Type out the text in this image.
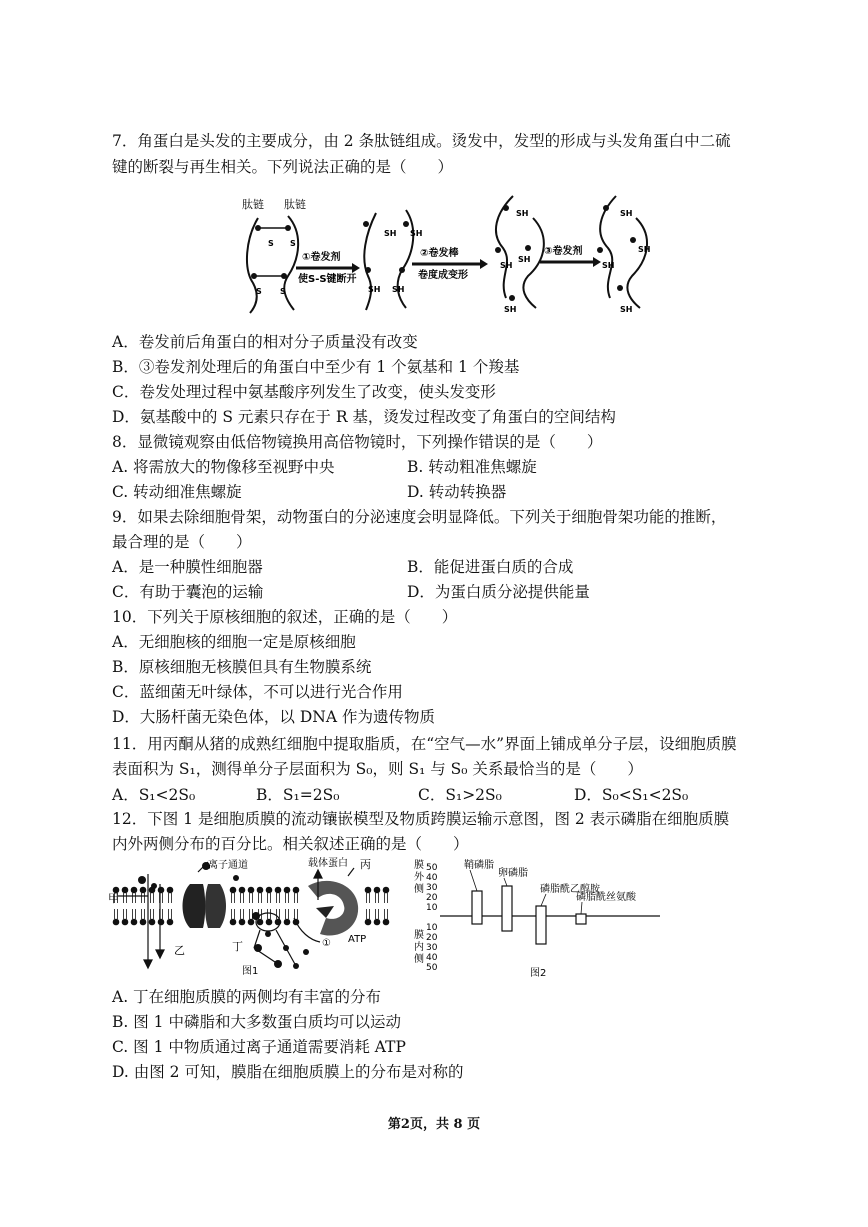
7．角蛋白是头发的主要成分，由 2 条肽链组成。烫发中，发型的形成与头发角蛋白中二硫
键的断裂与再生相关。下列说法正确的是（　　）
肽链 肽链
S S
S S
SH SH
SH SH
SH
SH
SH
SH
SH
SH
SH
SH
①卷发剂
使S-S键断开
②卷发棒
卷度成变形
③卷发剂
A．卷发前后角蛋白的相对分子质量没有改变
B．③卷发剂处理后的角蛋白中至少有 1 个氨基和 1 个羧基
C．卷发处理过程中氨基酸序列发生了改变，使头发变形
D．氨基酸中的 S 元素只存在于 R 基，烫发过程改变了角蛋白的空间结构
8．显微镜观察由低倍物镜换用高倍物镜时，下列操作错误的是（　　）
A. 将需放大的物像移至视野中央	B. 转动粗准焦螺旋
C. 转动细准焦螺旋	D. 转动转换器
9．如果去除细胞骨架，动物蛋白的分泌速度会明显降低。下列关于细胞骨架功能的推断，
最合理的是（　　）
A．是一种膜性细胞器	B．能促进蛋白质的合成
C．有助于囊泡的运输	D．为蛋白质分泌提供能量
10．下列关于原核细胞的叙述，正确的是（　　）
A．无细胞核的细胞一定是原核细胞
B．原核细胞无核膜但具有生物膜系统
C．蓝细菌无叶绿体，不可以进行光合作用
D．大肠杆菌无染色体，以 DNA 作为遗传物质
11．用丙酮从猪的成熟红细胞中提取脂质，在“空气—水”界面上铺成单分子层，设细胞质膜
表面积为 S₁，测得单分子层面积为 S₀，则 S₁ 与 S₀ 关系最恰当的是（　　）
A．S₁<2S₀	B．S₁=2S₀	C．S₁>2S₀	D．S₀<S₁<2S₀
12．下图 1 是细胞质膜的流动镶嵌模型及物质跨膜运输示意图，图 2 表示磷脂在细胞质膜
内外两侧分布的百分比。相关叙述正确的是（　　）
甲
乙
丙
丁
离子通道	载体蛋白
ATP
①
图1
膜
外
侧
膜
内
侧
50
40
30
20
10
10
20
30
40
50
鞘磷脂
卵磷脂
磷脂酰乙醇胺
磷脂酰丝氨酸
图2
A. 丁在细胞质膜的两侧均有丰富的分布
B. 图 1 中磷脂和大多数蛋白质均可以运动
C. 图 1 中物质通过离子通道需要消耗 ATP
D. 由图 2 可知，膜脂在细胞质膜上的分布是对称的
第2页，共 8 页
